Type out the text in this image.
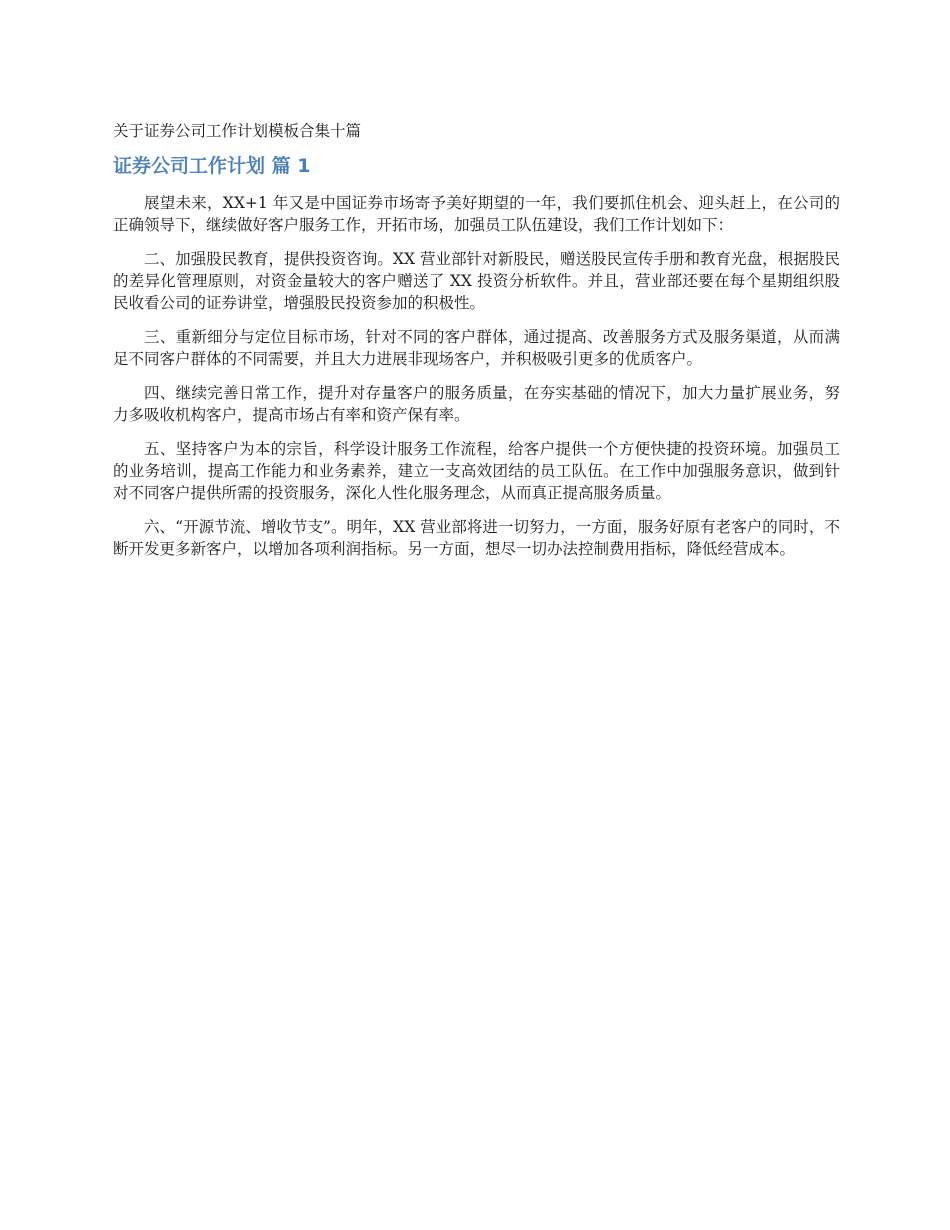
关于证券公司工作计划模板合集十篇
证券公司工作计划 篇 1

展望未来，XX+1 年又是中国证券市场寄予美好期望的一年，我们要抓住机会、迎头赶上，在公司的正确领导下，继续做好客户服务工作，开拓市场，加强员工队伍建设，我们工作计划如下：

二、加强股民教育，提供投资咨询。XX 营业部针对新股民，赠送股民宣传手册和教育光盘，根据股民的差异化管理原则，对资金量较大的客户赠送了 XX 投资分析软件。并且，营业部还要在每个星期组织股民收看公司的证券讲堂，增强股民投资参加的积极性。

三、重新细分与定位目标市场，针对不同的客户群体，通过提高、改善服务方式及服务渠道，从而满足不同客户群体的不同需要，并且大力进展非现场客户，并积极吸引更多的优质客户。

四、继续完善日常工作，提升对存量客户的服务质量，在夯实基础的情况下，加大力量扩展业务，努力多吸收机构客户，提高市场占有率和资产保有率。

五、坚持客户为本的宗旨，科学设计服务工作流程，给客户提供一个方便快捷的投资环境。加强员工的业务培训，提高工作能力和业务素养，建立一支高效团结的员工队伍。在工作中加强服务意识，做到针对不同客户提供所需的投资服务，深化人性化服务理念，从而真正提高服务质量。

六、“开源节流、增收节支”。明年，XX 营业部将进一切努力，一方面，服务好原有老客户的同时，不断开发更多新客户，以增加各项利润指标。另一方面，想尽一切办法控制费用指标，降低经营成本。
